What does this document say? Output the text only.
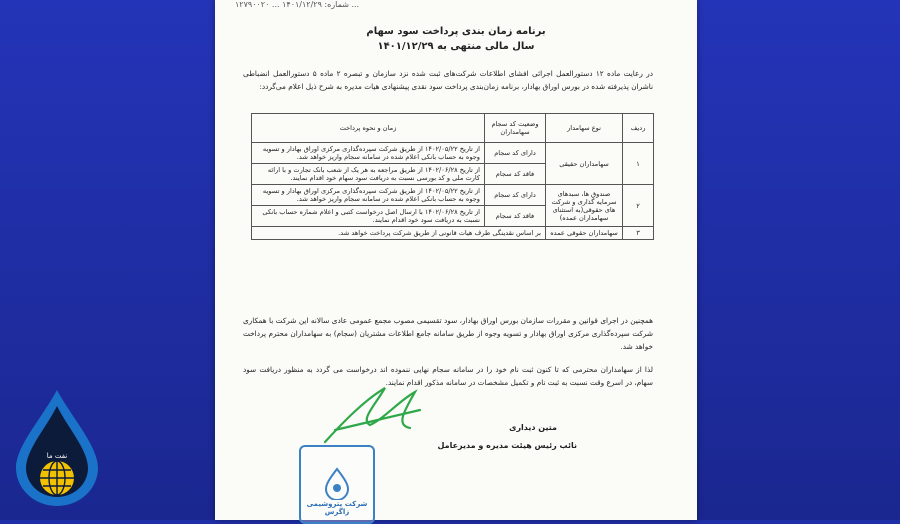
شماره: ۱۴۰۱/۱۲/۲۹ ... ۱۲۷۹۰۰۲۰ ...
برنامه زمان بندی پرداخت سود سهام
سال مالی منتهی به ۱۴۰۱/۱۲/۲۹
در رعایت ماده ۱۲ دستورالعمل اجرائی افشای اطلاعات شرکت‌های ثبت شده نزد سازمان و تبصره ۲ ماده ۵ دستورالعمل انضباطی ناشران پذیرفته شده در بورس اوراق بهادار، برنامه زمان‌بندی پرداخت سود نقدی پیشنهادی هیات مدیره به شرح ذیل اعلام می‌گردد:
ردیف	نوع سهامدار	وضعیت کد سجام سهامداران	زمان و نحوه پرداخت
۱	سهامداران حقیقی	دارای کد سجام	از تاریخ ۱۴۰۲/۰۵/۲۲ از طریق شرکت سپرده‌گذاری مرکزی اوراق بهادار و تسویه وجوه به حساب بانکی اعلام شده در سامانه سجام واریز خواهد شد.
		فاقد کد سجام	از تاریخ ۱۴۰۲/۰۶/۲۸ از طریق مراجعه به هر یک از شعب بانک تجارت و با ارائه کارت ملی و کد بورسی نسبت به دریافت سود سهام خود اقدام نمایند.
۲	صندوق ها، سبدهای سرمایه گذاری و شرکت های حقوقی(به استثنای سهامداران عمده)	دارای کد سجام	از تاریخ ۱۴۰۲/۰۵/۲۲ از طریق شرکت سپرده‌گذاری مرکزی اوراق بهادار و تسویه وجوه به حساب بانکی اعلام شده در سامانه سجام واریز خواهد شد.
		فاقد کد سجام	از تاریخ ۱۴۰۲/۰۶/۲۸ با ارسال اصل درخواست کتبی و اعلام شماره حساب بانکی نسبت به دریافت سود خود اقدام نمایند.
۳	سهامداران حقوقی عمده	بر اساس نقدینگی طرف هیات قانونی از طریق شرکت پرداخت خواهد شد.	
همچنین در اجرای قوانین و مقررات سازمان بورس اوراق بهادار، سود تقسیمی مصوب مجمع عمومی عادی سالانه این شرکت با همکاری شرکت سپرده‌گذاری مرکزی اوراق بهادار و تسویه وجوه از طریق سامانه جامع اطلاعات مشتریان (سجام) به سهامداران محترم پرداخت خواهد شد.
لذا از سهامداران محترمی که تا کنون ثبت نام خود را در سامانه سجام نهایی ننموده اند درخواست می گردد به منظور دریافت سود سهام، در اسرع وقت نسبت به ثبت نام و تکمیل مشخصات در سامانه مذکور اقدام نمایند.
متین دیداری
نائب رئیس هیئت مدیره و مدیرعامل
شرکت پتروشیمی زاگرس
نفت ما
